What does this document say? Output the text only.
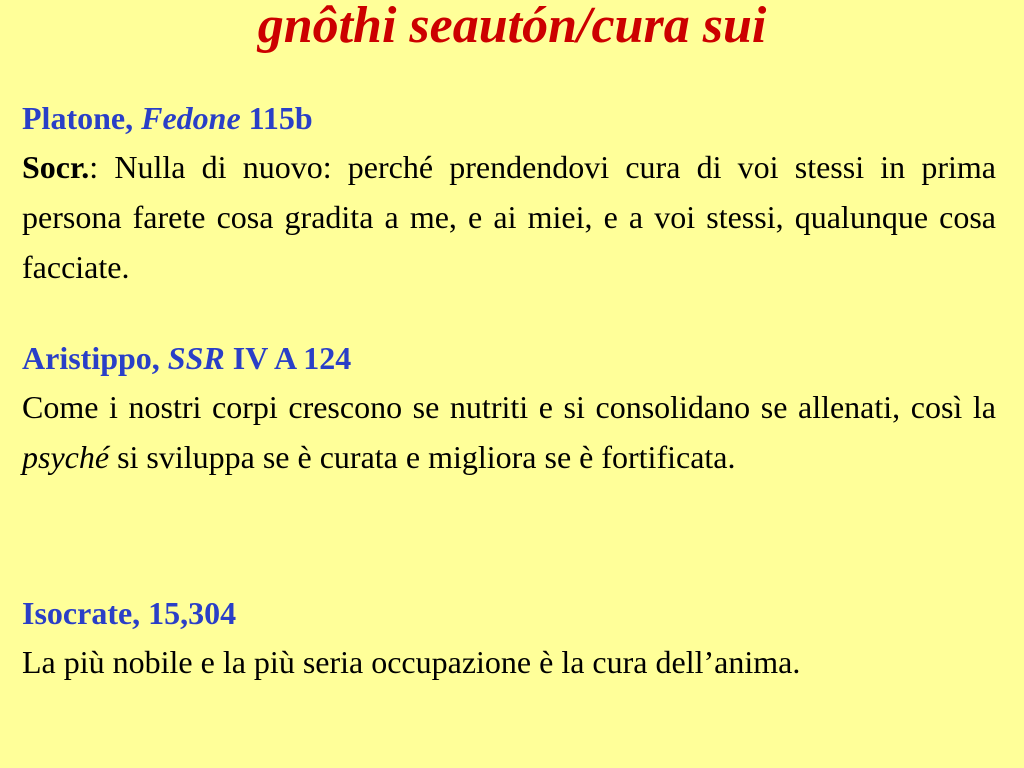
gnôthi seautón/cura sui
Platone, Fedone 115b
Socr.: Nulla di nuovo: perché prendendovi cura di voi stessi in prima persona farete cosa gradita a me, e ai miei, e a voi stessi, qualunque cosa facciate.
Aristippo, SSR IV A 124
Come i nostri corpi crescono se nutriti e si consolidano se allenati, così la psyché si sviluppa se è curata e migliora se è fortificata.
Isocrate, 15,304
La più nobile e la più seria occupazione è la cura dell’anima.
